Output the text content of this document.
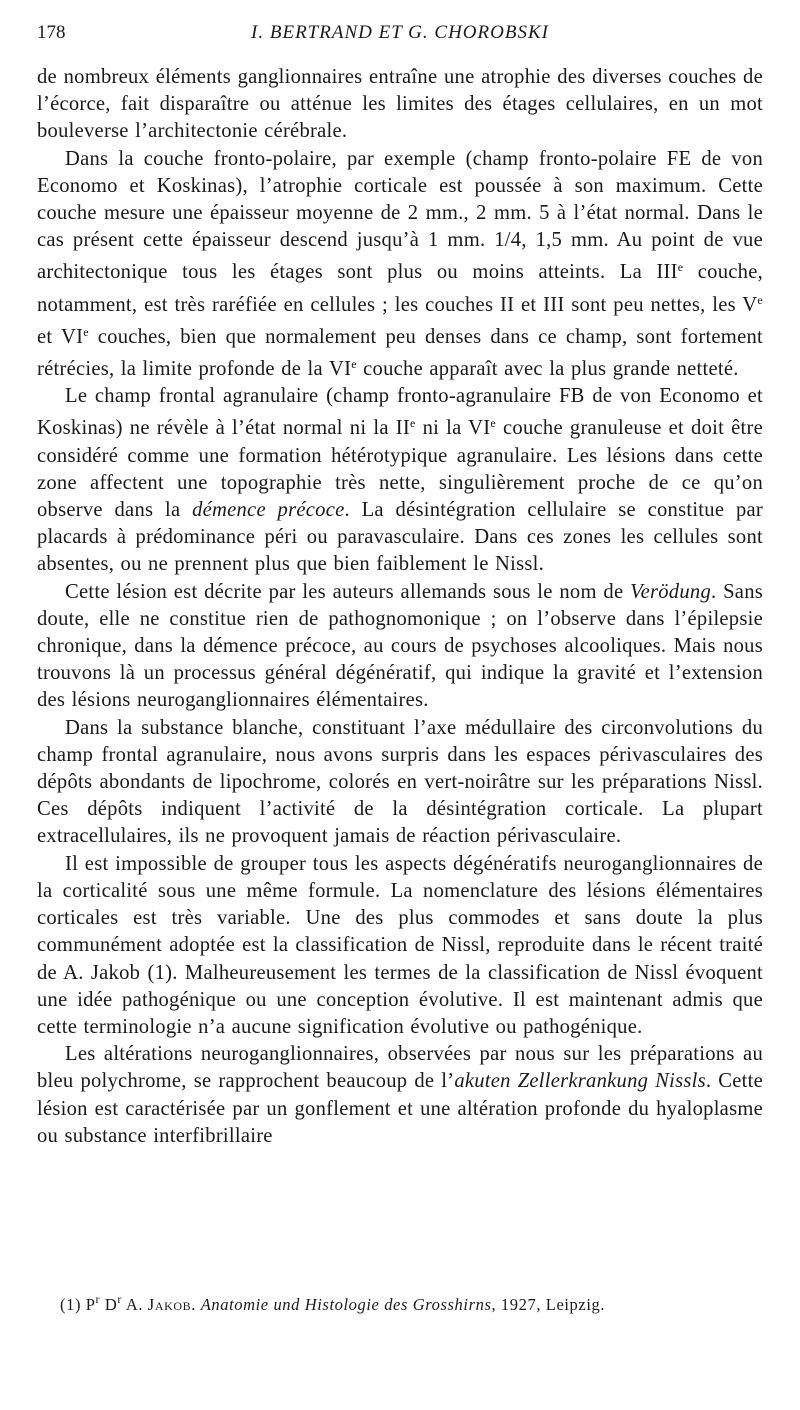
178	I. BERTRAND ET G. CHOROBSKI

de nombreux éléments ganglionnaires entraîne une atrophie des diverses couches de l’écorce, fait disparaître ou atténue les limites des étages cellulaires, en un mot bouleverse l’architectonie cérébrale.

Dans la couche fronto-polaire, par exemple (champ fronto-polaire FE de von Economo et Koskinas), l’atrophie corticale est poussée à son maximum. Cette couche mesure une épaisseur moyenne de 2 mm., 2 mm. 5 à l’état normal. Dans le cas présent cette épaisseur descend jusqu’à 1 mm. 1/4, 1,5 mm. Au point de vue architectonique tous les étages sont plus ou moins atteints. La IIIe couche, notamment, est très raréfiée en cellules ; les couches II et III sont peu nettes, les Ve et VIe couches, bien que normalement peu denses dans ce champ, sont fortement rétrécies, la limite profonde de la VIe couche apparaît avec la plus grande netteté.

Le champ frontal agranulaire (champ fronto-agranulaire FB de von Economo et Koskinas) ne révèle à l’état normal ni la IIe ni la VIe couche granuleuse et doit être considéré comme une formation hétérotypique agranulaire. Les lésions dans cette zone affectent une topographie très nette, singulièrement proche de ce qu’on observe dans la démence précoce. La désintégration cellulaire se constitue par placards à prédominance péri ou paravasculaire. Dans ces zones les cellules sont absentes, ou ne prennent plus que bien faiblement le Nissl.

Cette lésion est décrite par les auteurs allemands sous le nom de Verödung. Sans doute, elle ne constitue rien de pathognomonique ; on l’observe dans l’épilepsie chronique, dans la démence précoce, au cours de psychoses alcooliques. Mais nous trouvons là un processus général dégénératif, qui indique la gravité et l’extension des lésions neuroganglionnaires élémentaires.

Dans la substance blanche, constituant l’axe médullaire des circonvolutions du champ frontal agranulaire, nous avons surpris dans les espaces périvasculaires des dépôts abondants de lipochrome, colorés en vert-noirâtre sur les préparations Nissl. Ces dépôts indiquent l’activité de la désintégration corticale. La plupart extracellulaires, ils ne provoquent jamais de réaction périvasculaire.

Il est impossible de grouper tous les aspects dégénératifs neuroganglionnaires de la corticalité sous une même formule. La nomenclature des lésions élémentaires corticales est très variable. Une des plus commodes et sans doute la plus communément adoptée est la classification de Nissl, reproduite dans le récent traité de A. Jakob (1). Malheureusement les termes de la classification de Nissl évoquent une idée pathogénique ou une conception évolutive. Il est maintenant admis que cette terminologie n’a aucune signification évolutive ou pathogénique.

Les altérations neuroganglionnaires, observées par nous sur les préparations au bleu polychrome, se rapprochent beaucoup de l’akuten Zellerkrankung Nissls. Cette lésion est caractérisée par un gonflement et une altération profonde du hyaloplasme ou substance interfibrillaire

(1) $P^r$ $D^r$ A. Jakob. Anatomie und Histologie des Grosshirns, 1927, Leipzig.
